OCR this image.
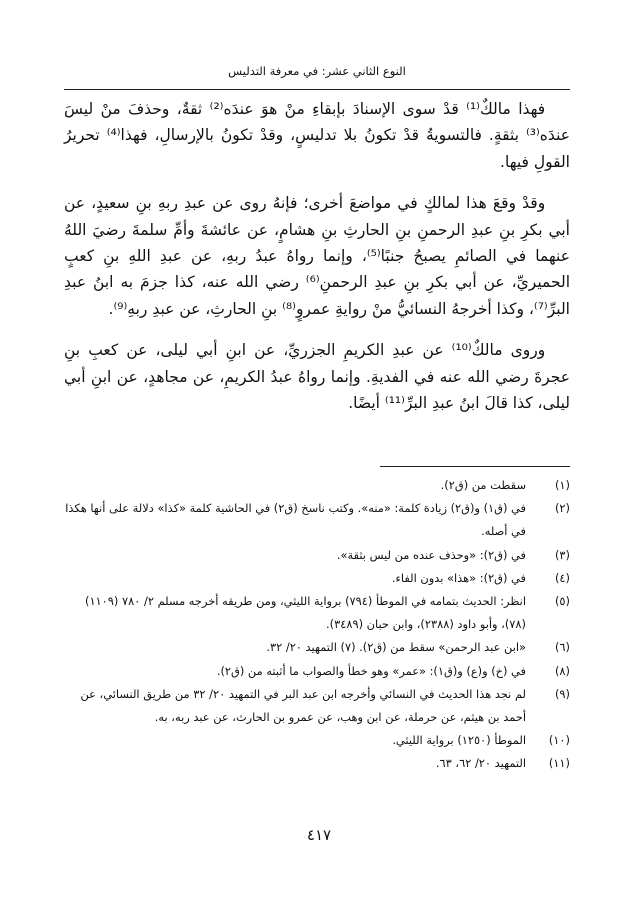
النوع الثاني عشر: في معرفة التدليس

فهذا مالكٌ⁽¹⁾ قدْ سوى الإسنادَ بإبقاءِ منْ هوَ عندَه⁽²⁾ ثقةٌ، وحذفَ منْ ليسَ عندَه⁽³⁾ بثقةٍ. فالتسويةُ قدْ تكونُ بلا تدليسٍ، وقدْ تكونُ بالإرسالِ، فهذا⁽⁴⁾ تحريرُ القولِ فيها.

وقدْ وقعَ هذا لمالكٍ في مواضعَ أخرى؛ فإنهُ روى عن عبدِ ربهِ بنِ سعيدٍ، عن أبي بكرِ بنِ عبدِ الرحمنِ بنِ الحارثِ بنِ هشامٍ، عن عائشةَ وأمِّ سلمةَ رضيَ اللهُ عنهما في الصائمِ يصبحُ جنبًا⁽⁵⁾، وإنما رواهُ عبدُ ربهِ، عن عبدِ اللهِ بنِ كعبٍ الحميريِّ، عن أبي بكرِ بنِ عبدِ الرحمنِ⁽⁶⁾ رضي الله عنه، كذا جزمَ به ابنُ عبدِ البرِّ⁽⁷⁾، وكذا أخرجهُ النسائيُّ منْ روايةِ عمروٍ⁽⁸⁾ بنِ الحارثِ، عن عبدِ ربهِ⁽⁹⁾.

وروى مالكٌ⁽¹⁰⁾ عن عبدِ الكريمِ الجزريِّ، عن ابنِ أبي ليلى، عن كعبِ بنِ عجرةَ رضي الله عنه في الفديةِ. وإنما رواهُ عبدُ الكريمِ، عن مجاهدٍ، عن ابنِ أبي ليلى، كذا قالَ ابنُ عبدِ البرِّ⁽¹¹⁾ أيضًا.

(١)
سقطت من (ق٢).
(٢)
في (ق١) و(ق٢) زيادة كلمة: «منه». وكتب ناسخ (ق٢) في الحاشية كلمة «كذا» دلالة على أنها هكذا في أصله.
(٣)
في (ق٢): «وحذف عنده من ليس بثقة».
(٤)
في (ق٢): «هذا» بدون الفاء.
(٥)
انظر: الحديث بتمامه في الموطأ (٧٩٤) برواية الليثي، ومن طريقه أخرجه مسلم ٢/ ٧٨٠ (١١٠٩) (٧٨)، وأبو داود (٢٣٨٨)، وابن حبان (٣٤٨٩).
(٦)
«ابن عبد الرحمن» سقط من (ق٢). (٧) التمهيد ٢٠/ ٣٢.
(٨)
في (خ) و(ع) و(ق١): «عمر» وهو خطأ والصواب ما أثبته من (ق٢).
(٩)
لم نجد هذا الحديث في النسائي وأخرجه ابن عبد البر في التمهيد ٢٠/ ٣٢ من طريق النسائي، عن أحمد بن هيثم، عن حرملة، عن ابن وهب، عن عمرو بن الحارث، عن عبد ربه، به.
(١٠)
الموطأ (١٢٥٠) برواية الليثي.
(١١)
التمهيد ٢٠/ ٦٢، ٦٣.
٤١٧
